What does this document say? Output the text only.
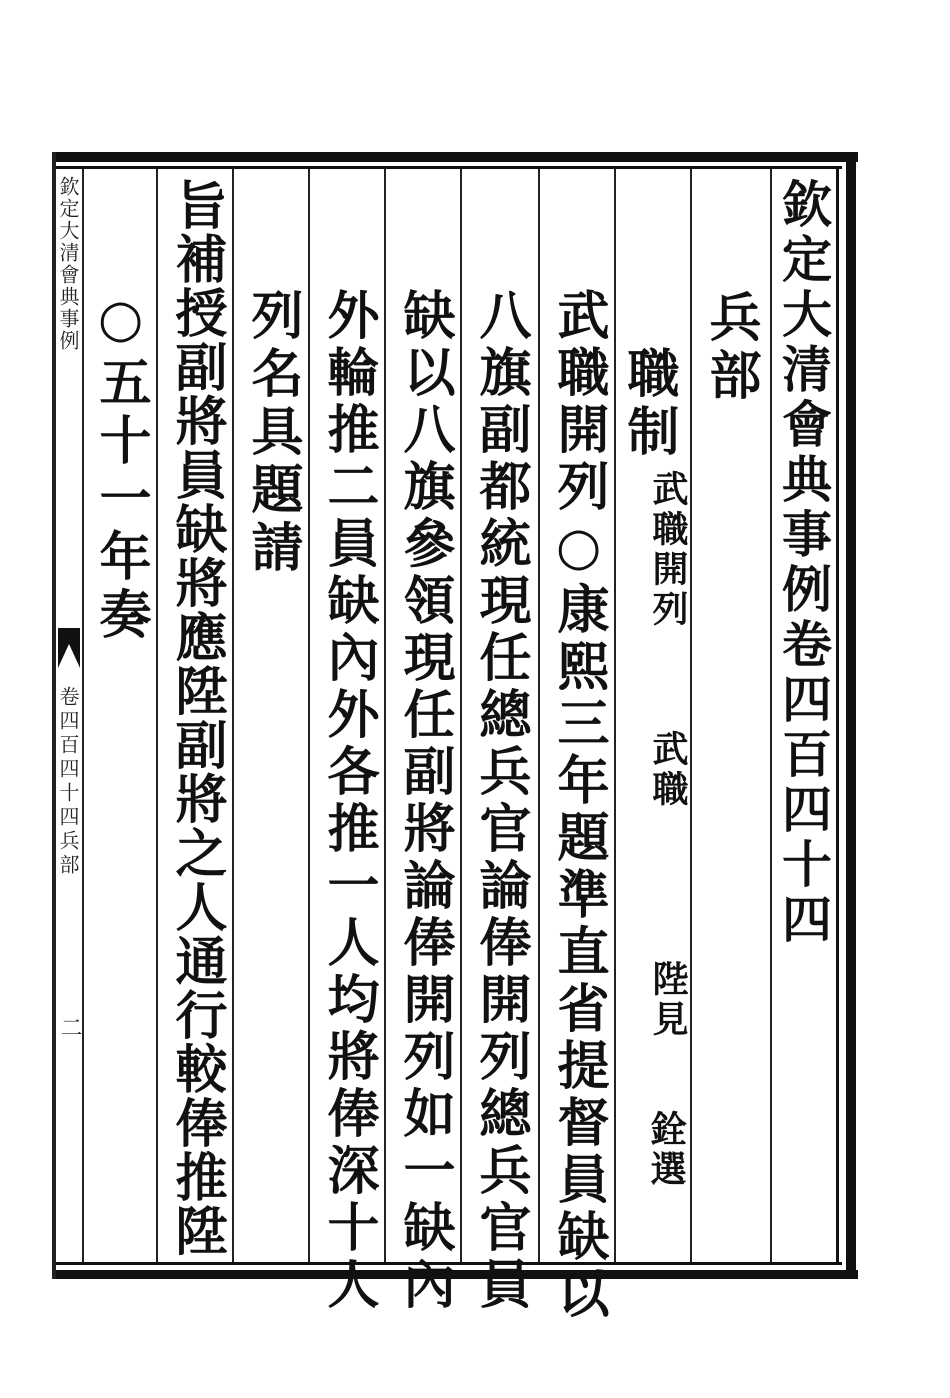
欽定大清會典事例卷四百四十四
兵部
職制
武職開列
武職
陛見
銓選
武職開列○康熙三年題準直省提督員缺以
八旗副都統現任總兵官論俸開列總兵官員
缺以八旗參領現任副將論俸開列如一缺內
外輪推二員缺內外各推一人均將俸深十人
列名具題請
旨補授副將員缺將應陞副將之人通行較俸推陞
○五十一年奏
欽定大清會典事例
卷四百四十四兵部
二
